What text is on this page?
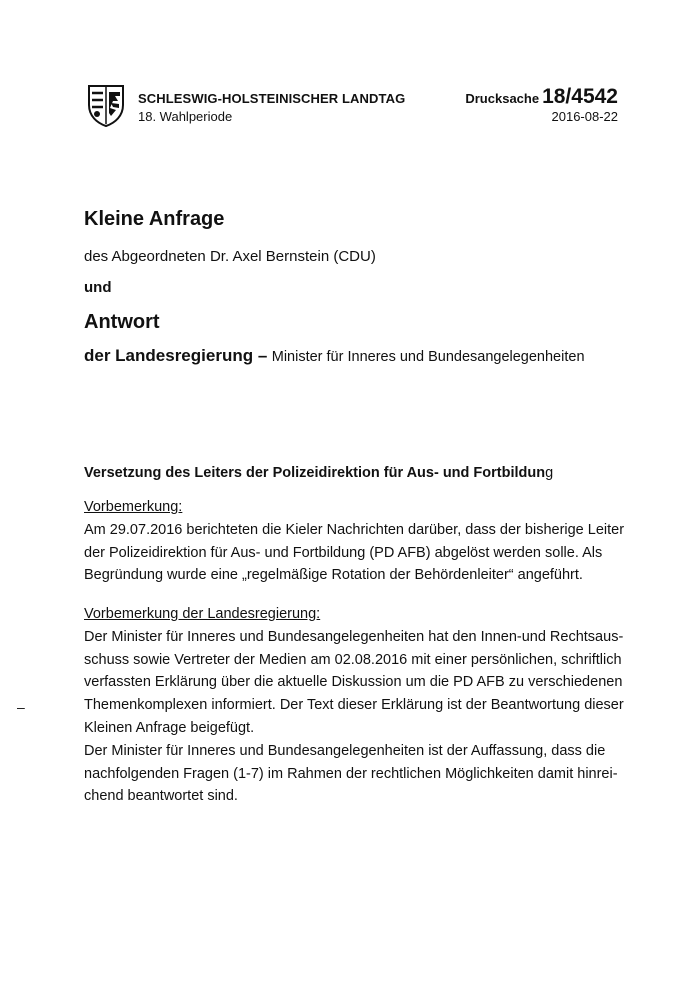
SCHLESWIG-HOLSTEINISCHER LANDTAG
18. Wahlperiode
Drucksache 18/4542
2016-08-22
Kleine Anfrage
des Abgeordneten Dr. Axel Bernstein (CDU)
und
Antwort
der Landesregierung – Minister für Inneres und Bundesangelegenheiten
Versetzung des Leiters der Polizeidirektion für Aus- und Fortbildung

Vorbemerkung:

Am 29.07.2016 berichteten die Kieler Nachrichten darüber, dass der bisherige Leiter

der Polizeidirektion für Aus- und Fortbildung (PD AFB) abgelöst werden solle. Als

Begründung wurde eine „regelmäßige Rotation der Behördenleiter“ angeführt.

Vorbemerkung der Landesregierung:

Der Minister für Inneres und Bundesangelegenheiten hat den Innen-und Rechtsaus-

schuss sowie Vertreter der Medien am 02.08.2016 mit einer persönlichen, schriftlich

verfassten Erklärung über die aktuelle Diskussion um die PD AFB zu verschiedenen

Themenkomplexen informiert. Der Text dieser Erklärung ist der Beantwortung dieser

Kleinen Anfrage beigefügt.

Der Minister für Inneres und Bundesangelegenheiten ist der Auffassung, dass die

nachfolgenden Fragen (1-7) im Rahmen der rechtlichen Möglichkeiten damit hinrei-

chend beantwortet sind.

–
